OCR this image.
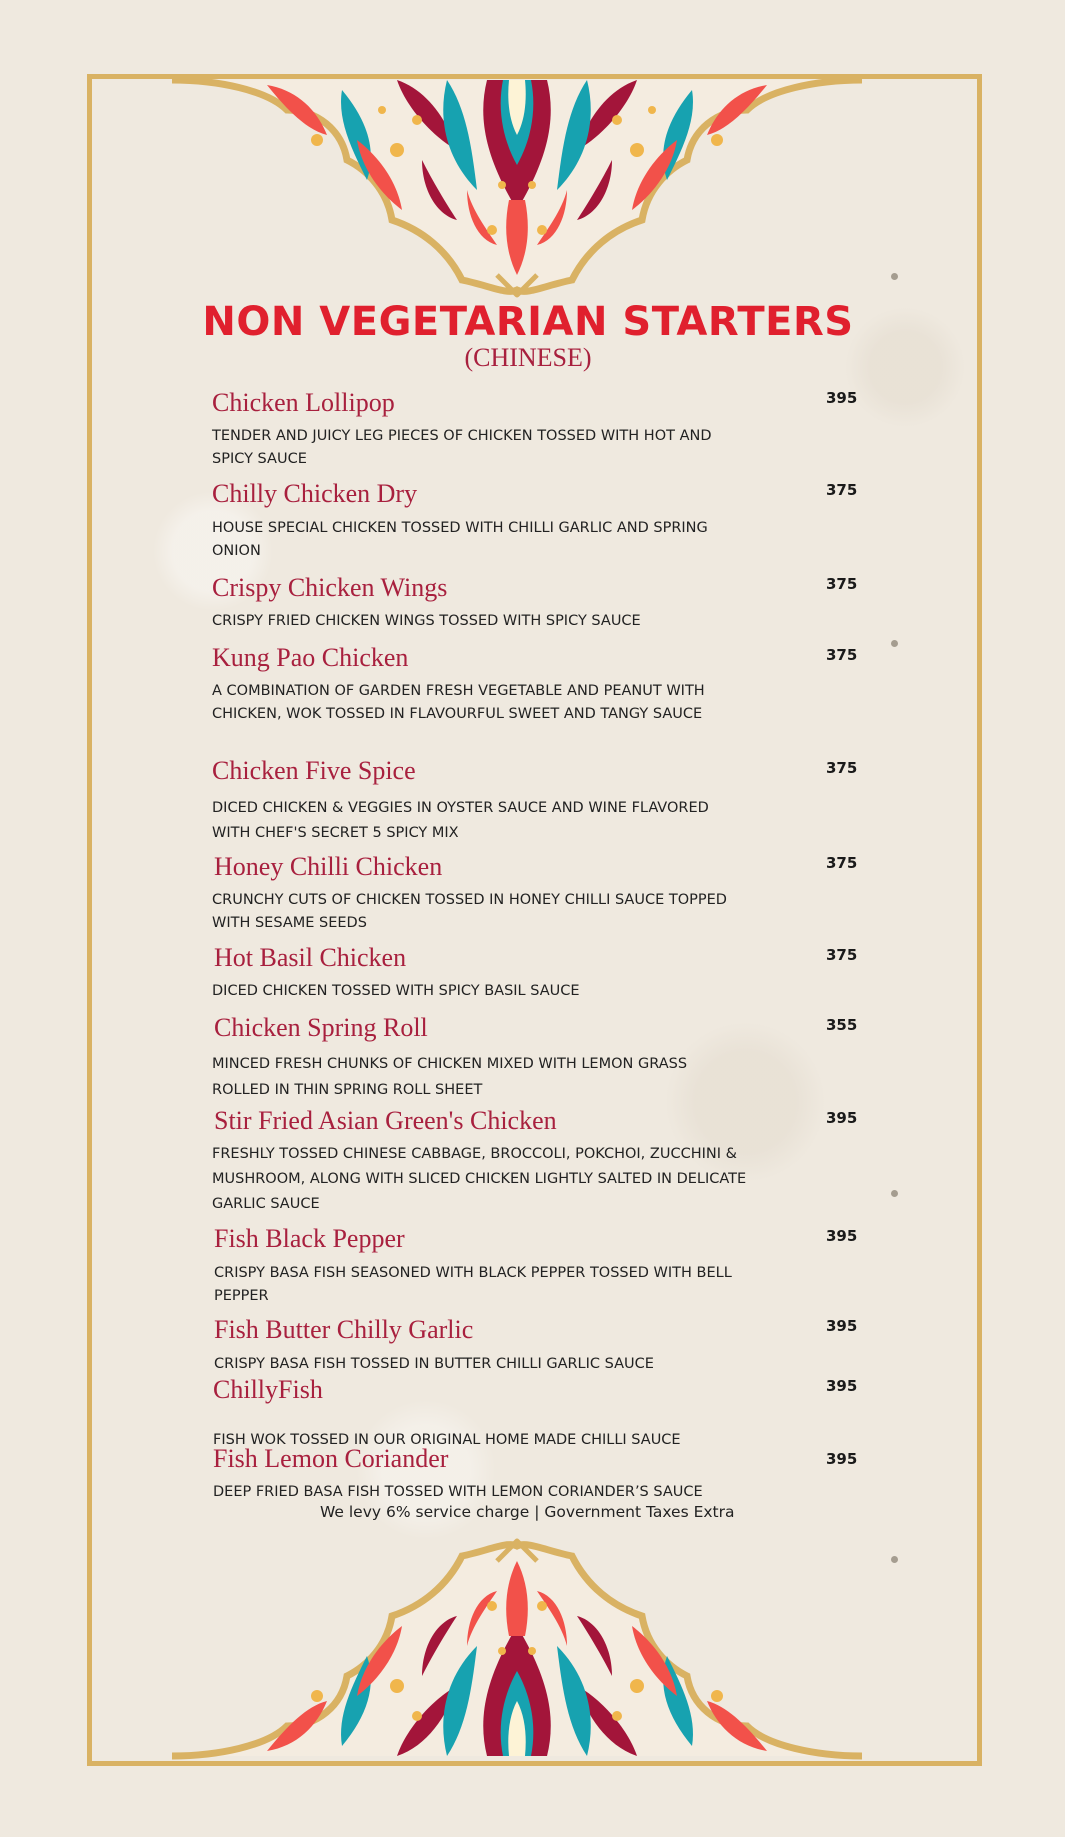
NON VEGETARIAN STARTERS
(CHINESE)
Chicken Lollipop
TENDER AND JUICY LEG PIECES OF CHICKEN TOSSED WITH HOT AND SPICY SAUCE
395
Chilly Chicken Dry
HOUSE SPECIAL CHICKEN TOSSED WITH CHILLI GARLIC AND SPRING ONION
375
Crispy Chicken Wings
CRISPY FRIED CHICKEN WINGS TOSSED WITH SPICY SAUCE
375
Kung Pao Chicken
A COMBINATION OF GARDEN FRESH VEGETABLE AND PEANUT WITH CHICKEN, WOK TOSSED IN FLAVOURFUL SWEET AND TANGY SAUCE
375
Chicken Five Spice
DICED CHICKEN & VEGGIES IN OYSTER SAUCE AND WINE FLAVORED WITH CHEF'S SECRET 5 SPICY MIX
375
Honey Chilli Chicken
CRUNCHY CUTS OF CHICKEN TOSSED IN HONEY CHILLI SAUCE TOPPED WITH SESAME SEEDS
375
Hot Basil Chicken
DICED CHICKEN TOSSED WITH SPICY BASIL SAUCE
375
Chicken Spring Roll
MINCED FRESH CHUNKS OF CHICKEN MIXED WITH LEMON GRASS ROLLED IN THIN SPRING ROLL SHEET
355
Stir Fried Asian Green's Chicken
FRESHLY TOSSED CHINESE CABBAGE, BROCCOLI, POKCHOI, ZUCCHINI & MUSHROOM, ALONG WITH SLICED CHICKEN LIGHTLY SALTED IN DELICATE GARLIC SAUCE
395
Fish Black Pepper
CRISPY BASA FISH SEASONED WITH BLACK PEPPER TOSSED WITH BELL PEPPER
395
Fish Butter Chilly Garlic
CRISPY BASA FISH TOSSED IN BUTTER CHILLI GARLIC SAUCE
395
ChillyFish
FISH WOK TOSSED IN OUR ORIGINAL HOME MADE CHILLI SAUCE
395
Fish Lemon Coriander
DEEP FRIED BASA FISH TOSSED WITH LEMON CORIANDER’S SAUCE
395
We levy 6% service charge | Government Taxes Extra
